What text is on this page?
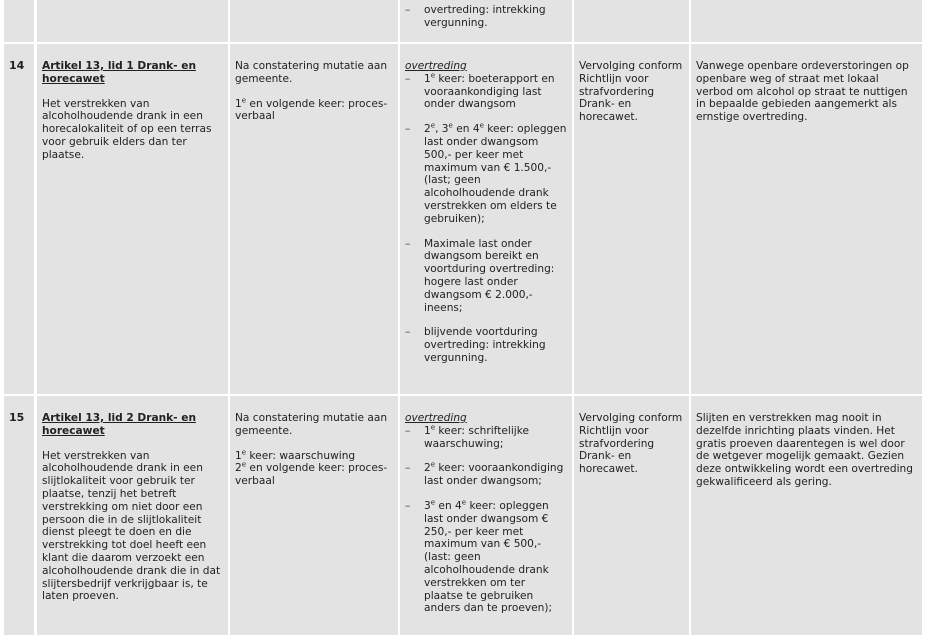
– overtreding: intrekking vergunning.
14	Artikel 13, lid 1 Drank- en horecawet

Het verstrekken van alcoholhoudende drank in een horecalokaliteit of op een terras voor gebruik elders dan ter plaatse.

Na constatering mutatie aan gemeente.

1e en volgende keer: proces-verbaal

overtreding

– 1e keer: boeterapport en vooraankondiging last onder dwangsom
– 2e, 3e en 4e keer: opleggen last onder dwangsom 500,- per keer met maximum van € 1.500,- (last; geen alcoholhoudende drank verstrekken om elders te gebruiken);
– Maximale last onder dwangsom bereikt en voortduring overtreding: hogere last onder dwangsom € 2.000,- ineens;
– blijvende voortduring overtreding: intrekking vergunning.

Vervolging conform Richtlijn voor strafvordering Drank- en horecawet.

Vanwege openbare ordeverstoringen op openbare weg of straat met lokaal verbod om alcohol op straat te nuttigen in bepaalde gebieden aangemerkt als ernstige overtreding.

15	Artikel 13, lid 2 Drank- en horecawet

Het verstrekken van alcoholhoudende drank in een slijtlokaliteit voor gebruik ter plaatse, tenzij het betreft verstrekking om niet door een persoon die in de slijtlokaliteit dienst pleegt te doen en die verstrekking tot doel heeft een klant die daarom verzoekt een alcoholhoudende drank die in dat slijtersbedrijf verkrijgbaar is, te laten proeven.

Na constatering mutatie aan gemeente.

1e keer: waarschuwing

2e en volgende keer: proces-verbaal

overtreding

– 1e keer: schriftelijke waarschuwing;
– 2e keer: vooraankondiging last onder dwangsom;
– 3e en 4e keer: opleggen last onder dwangsom € 250,- per keer met maximum van € 500,- (last: geen alcoholhoudende drank verstrekken om ter plaatse te gebruiken anders dan te proeven);

Vervolging conform Richtlijn voor strafvordering Drank- en horecawet.

Slijten en verstrekken mag nooit in dezelfde inrichting plaats vinden. Het gratis proeven daarentegen is wel door de wetgever mogelijk gemaakt. Gezien deze ontwikkeling wordt een overtreding gekwalificeerd als gering.
